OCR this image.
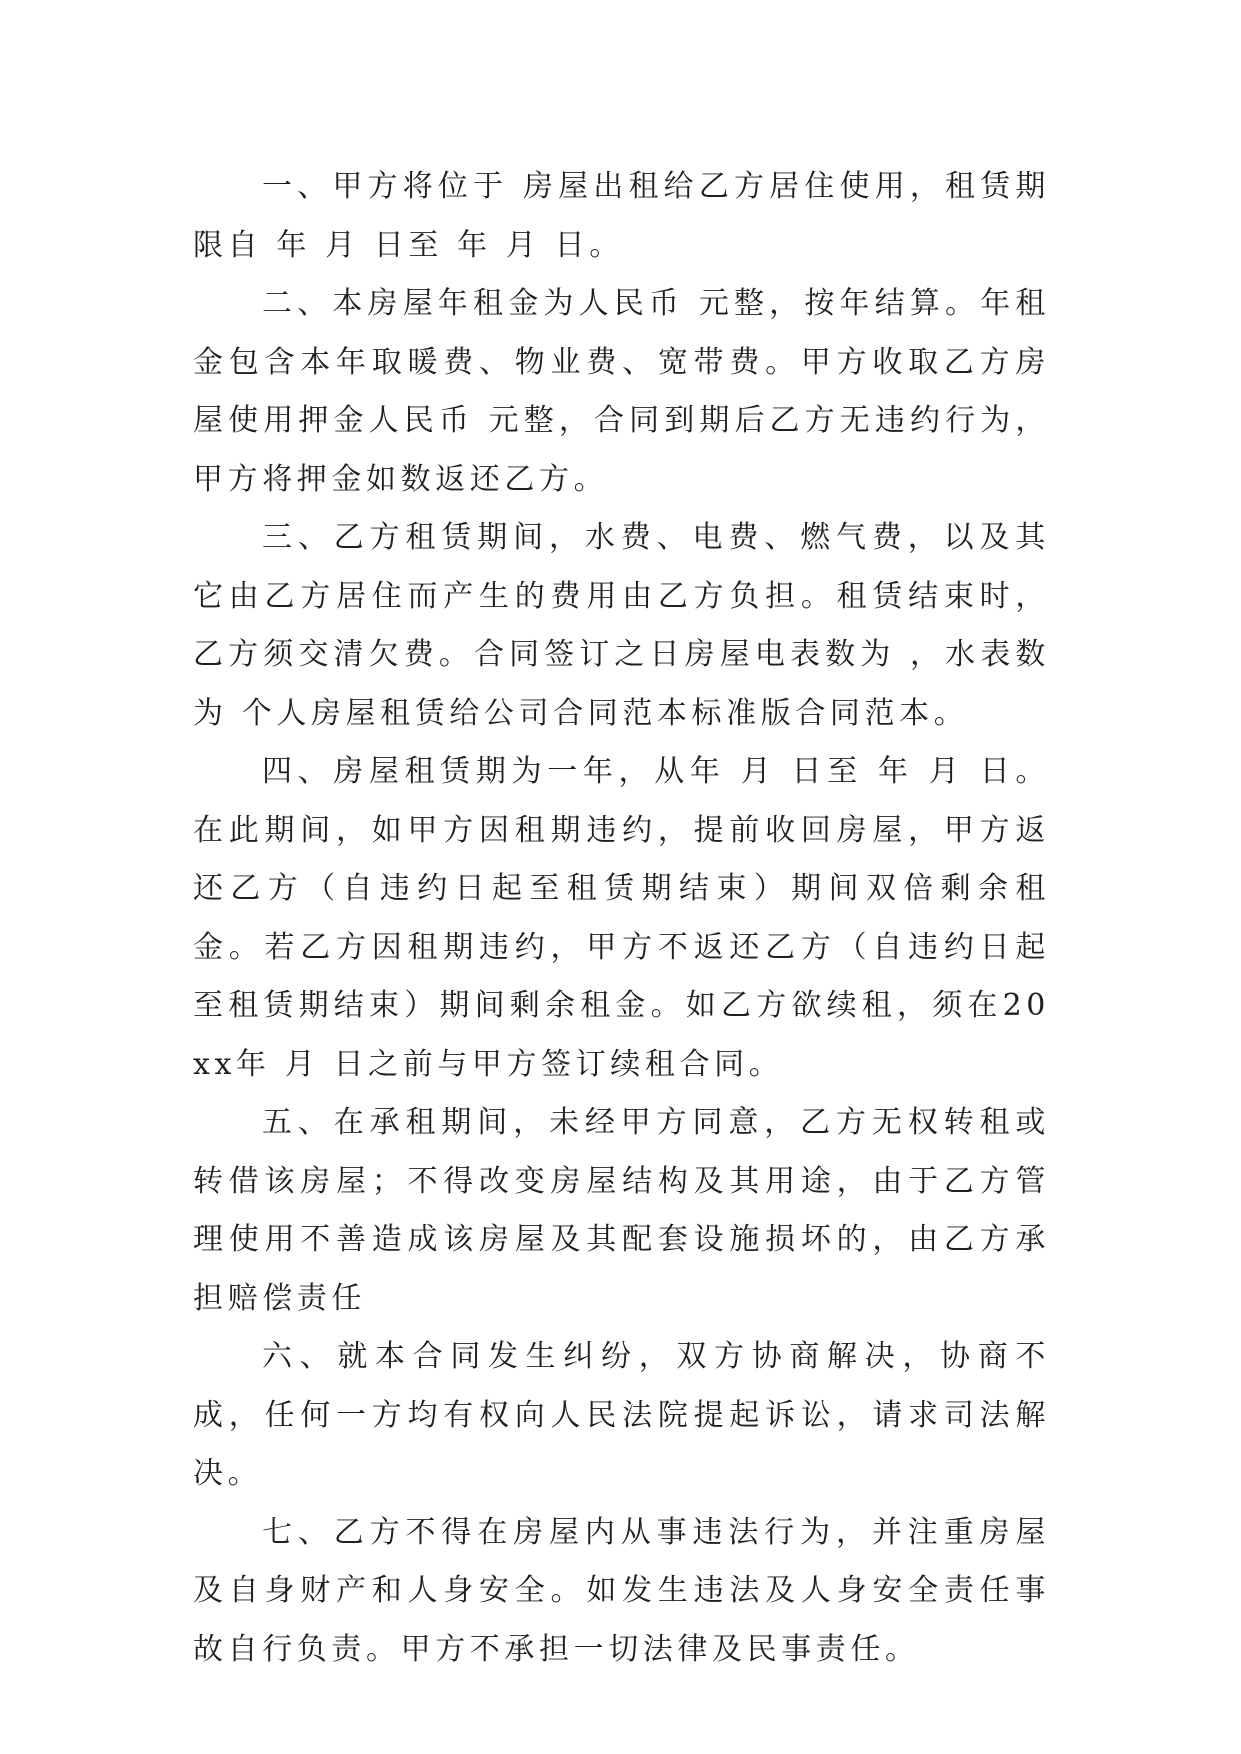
一、甲方将位于 房屋出租给乙方居住使用，租赁期限自 年 月 日至 年 月 日。

二、本房屋年租金为人民币 元整，按年结算。年租金包含本年取暖费、物业费、宽带费。甲方收取乙方房屋使用押金人民币 元整，合同到期后乙方无违约行为，甲方将押金如数返还乙方。

三、乙方租赁期间，水费、电费、燃气费，以及其它由乙方居住而产生的费用由乙方负担。租赁结束时，乙方须交清欠费。合同签订之日房屋电表数为 ，水表数为 个人房屋租赁给公司合同范本标准版合同范本。

四、房屋租赁期为一年，从年 月 日至 年 月 日。在此期间，如甲方因租期违约，提前收回房屋，甲方返还乙方（自违约日起至租赁期结束）期间双倍剩余租金。若乙方因租期违约，甲方不返还乙方（自违约日起至租赁期结束）期间剩余租金。如乙方欲续租，须在20xx年 月 日之前与甲方签订续租合同。

五、在承租期间，未经甲方同意，乙方无权转租或转借该房屋；不得改变房屋结构及其用途，由于乙方管理使用不善造成该房屋及其配套设施损坏的，由乙方承担赔偿责任

六、就本合同发生纠纷，双方协商解决，协商不成，任何一方均有权向人民法院提起诉讼，请求司法解决。

七、乙方不得在房屋内从事违法行为，并注重房屋及自身财产和人身安全。如发生违法及人身安全责任事故自行负责。甲方不承担一切法律及民事责任。
